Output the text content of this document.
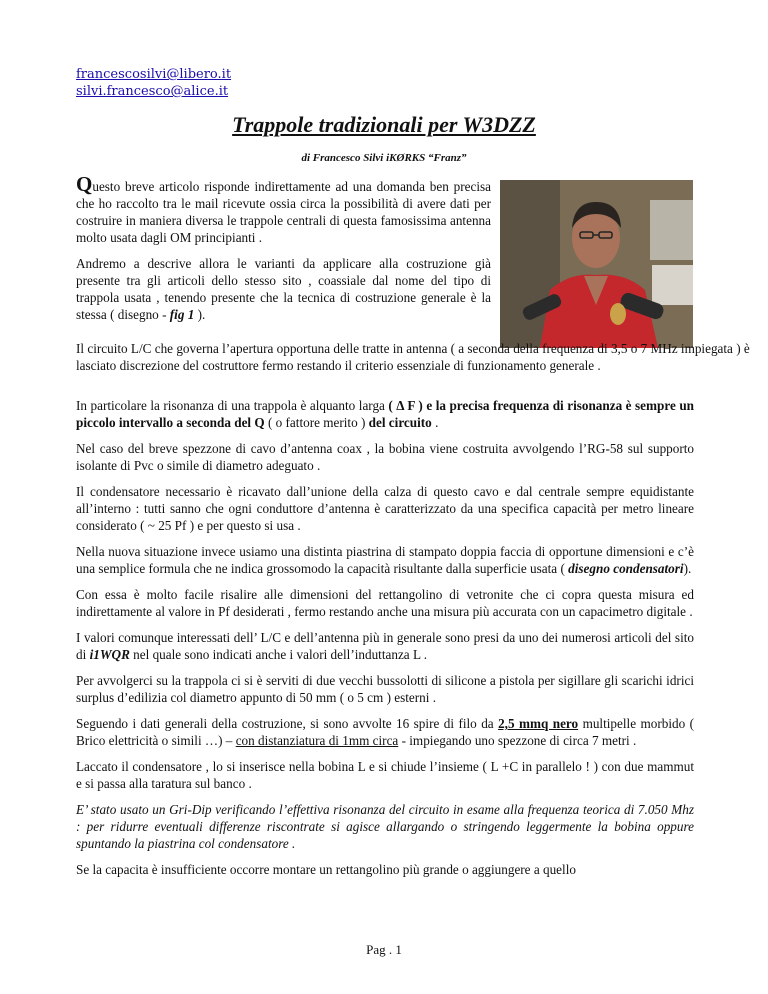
francescosilvi@libero.it
silvi.francesco@alice.it
Trappole tradizionali per W3DZZ
di Francesco Silvi iKØRKS “Franz”

Questo breve articolo risponde indirettamente ad una domanda ben precisa che ho raccolto tra le mail ricevute ossia circa la possibilità di avere dati per costruire in maniera diversa le trappole centrali di questa famosissima antenna molto usata dagli OM principianti .

Andremo a descrive allora le varianti da applicare alla costruzione già presente tra gli articoli dello stesso sito , coassiale dal nome del tipo di trappola usata , tenendo presente che la tecnica di costruzione generale è la stessa ( disegno - fig 1 ).

Il circuito L/C che governa l’apertura opportuna delle tratte in antenna ( a seconda della frequenza di 3,5 o 7 MHz impiegata ) è lasciato discrezione del costruttore fermo restando il criterio essenziale di funzionamento generale .

In particolare la risonanza di una trappola è alquanto larga ( Δ F ) e la precisa frequenza di risonanza è sempre un piccolo intervallo a seconda del Q ( o fattore merito ) del circuito .

Nel caso del breve spezzone di cavo d’antenna coax , la bobina viene costruita avvolgendo l’RG-58 sul supporto isolante di Pvc o simile di diametro adeguato .

Il condensatore necessario è ricavato dall’unione della calza di questo cavo e dal centrale sempre equidistante all’interno : tutti sanno che ogni conduttore d’antenna è caratterizzato da una specifica capacità per metro lineare considerato ( ~ 25 Pf ) e per questo si usa .

Nella nuova situazione invece usiamo una distinta piastrina di stampato doppia faccia di opportune dimensioni e c’è una semplice formula che ne indica grossomodo la capacità risultante dalla superficie usata ( disegno condensatori).

Con essa è molto facile risalire alle dimensioni del rettangolino di vetronite che ci copra questa misura ed indirettamente al valore in Pf desiderati , fermo restando anche una misura più accurata con un capacimetro digitale .

I valori comunque interessati dell’ L/C e dell’antenna più in generale sono presi da uno dei numerosi articoli del sito di i1WQR nel quale sono indicati anche i valori dell’induttanza L .

Per avvolgerci su la trappola ci si è serviti di due vecchi bussolotti di silicone a pistola per sigillare gli scarichi idrici surplus d’edilizia col diametro appunto di 50 mm ( o 5 cm ) esterni .

Seguendo i dati generali della costruzione, si sono avvolte 16 spire di filo da 2,5 mmq nero multipelle morbido ( Brico elettricità o simili …) – con distanziatura di 1mm circa - impiegando uno spezzone di circa 7 metri .

Laccato il condensatore , lo si inserisce nella bobina L e si chiude l’insieme ( L +C in parallelo ! ) con due mammut e si passa alla taratura sul banco .

E’ stato usato un Gri-Dip verificando l’effettiva risonanza del circuito in esame alla frequenza teorica di 7.050 Mhz : per ridurre eventuali differenze riscontrate si agisce allargando o stringendo leggermente la bobina oppure spuntando la piastrina col condensatore .

Se la capacita è insufficiente occorre montare un rettangolino più grande o aggiungere a quello

Pag . 1
